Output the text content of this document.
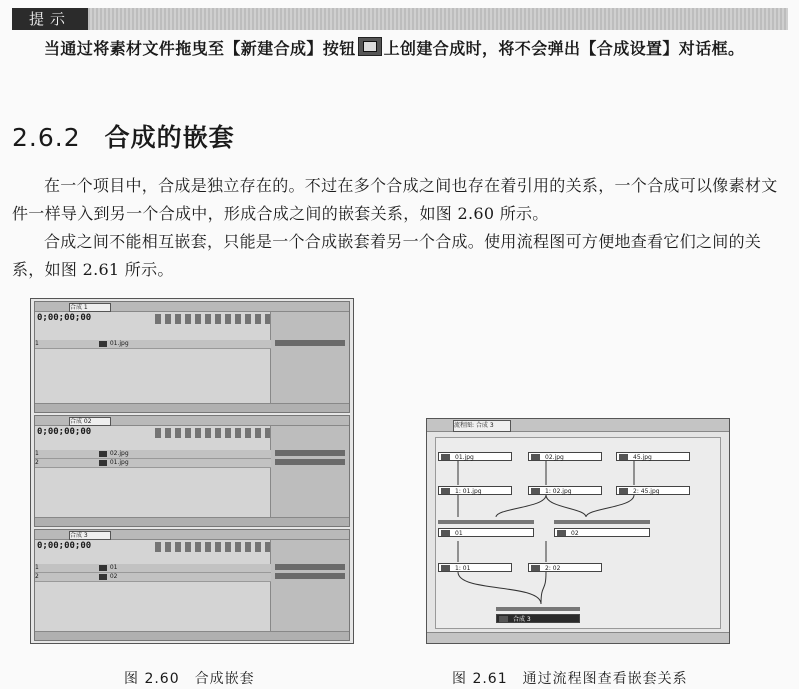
提示
当通过将素材文件拖曳至【新建合成】按钮 上创建合成时，将不会弹出【合成设置】对话框。
2.6.2 合成的嵌套

在一个项目中，合成是独立存在的。不过在多个合成之间也存在着引用的关系，一个合成可以像素材文件一样导入到另一个合成中，形成合成之间的嵌套关系，如图 2.60 所示。

合成之间不能相互嵌套，只能是一个合成嵌套着另一个合成。使用流程图可方便地查看它们之间的关系，如图 2.61 所示。

合成 1
0;00;00;00
1	01.jpg
合成 02
0;00;00;00
1	02.jpg
2	01.jpg
合成 3
0;00;00;00
1	01
2	02
图 2.60　合成嵌套
流程图: 合成 3
01.jpg	02.jpg	45.jpg
1: 01.jpg	1: 02.jpg	2: 45.jpg
01	02
1: 01	2: 02
合成 3
图 2.61　通过流程图查看嵌套关系
